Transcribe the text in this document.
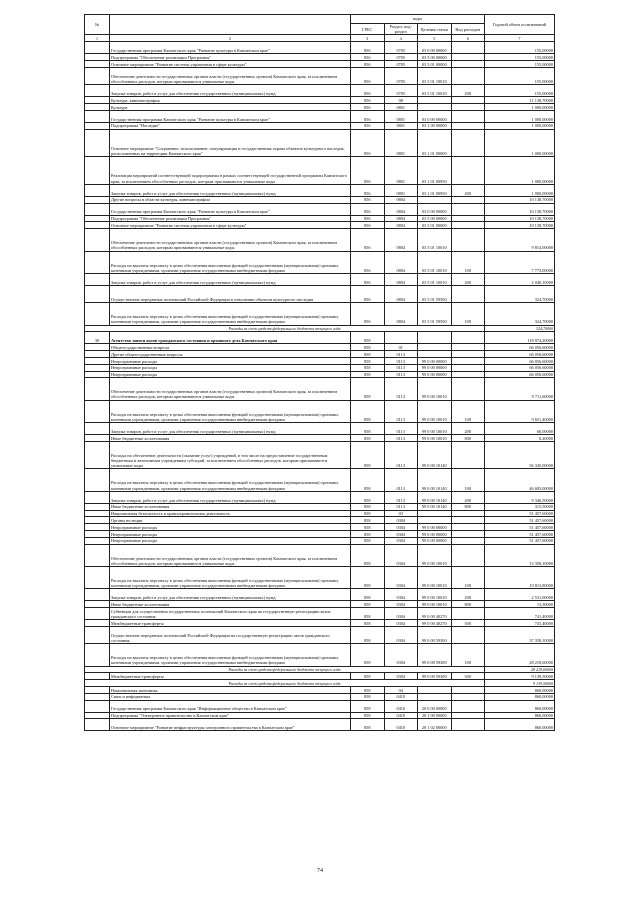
№		коды				Годовой объем ассигнований
		ГРБС	Раздел, под-раздел	Целевая статья	Вид расходов	
1	2	3	4	5	6	7
	Государственная программа Камчатского края "Развитие культуры в Камчатском крае"	856	0705	03 0 00 00000		155,00000
	Подпрограмма "Обеспечение реализации Программы"	856	0705	03 5 00 00000		155,00000
	Основное мероприятие "Развитие системы управления в сфере культуры"	856	0705	03 5 01 00000		155,00000
	Обеспечение деятельности государственных органов власти (государственных органов) Камчатского края, за исключением обособленных расходов, которым присваиваются уникальные коды	856	0705	03 5 01 10010		155,00000
	Закупка товаров, работ и услуг для обеспечения государственных (муниципальных) нужд	856	0705	03 5 01 10010	200	155,00000
	Культура, кинематография	856	08			11 138,70000
	Культура	856	0801			1 000,00000
	Государственная программа Камчатского края "Развитие культуры в Камчатском крае"	856	0801	03 0 00 00000		1 000,00000
	Подпрограмма "Наследие"	856	0801	03 1 00 00000		1 000,00000
	Основное мероприятие "Сохранение, использование, популяризация и государственная охрана объектов культурного наследия, расположенных на территории Камчатского края"	856	0801	03 1 01 00000		1 000,00000
	Реализация мероприятий соответствующей подпрограммы в рамках соответствующей государственной программы Камчатского края, за исключением обособленных расходов, которым присваиваются уникальные коды	856	0801	03 1 01 00950		1 000,00000
	Закупка товаров, работ и услуг для обеспечения государственных (муниципальных) нужд	856	0801	03 1 01 00950	200	1 000,00000
	Другие вопросы в области культуры, кинематографии	856	0804			10 138,70000
	Государственная программа Камчатского края "Развитие культуры в Камчатском крае"	856	0804	03 0 00 00000		10 138,70000
	Подпрограмма "Обеспечение реализации Программы"	856	0804	03 5 00 00000		10 138,70000
	Основное мероприятие "Развитие системы управления в сфере культуры"	856	0804	03 5 01 00000		10 138,70000
	Обеспечение деятельности государственных органов власти (государственных органов) Камчатского края, за исключением обособленных расходов, которым присваиваются уникальные коды	856	0804	03 5 01 10010		9 814,00000
	Расходы на выплаты персоналу в целях обеспечения выполнения функций государственными (муниципальными) органами, казенными учреждениями, органами управления государственными внебюджетными фондами	856	0804	03 5 01 10010	100	7 773,00000
	Закупка товаров, работ и услуг для обеспечения государственных (муниципальных) нужд	856	0804	03 5 01 10010	200	2 040,10000
	Осуществление переданных полномочий Российской Федерации в отношении объектов культурного наследия	856	0804	03 5 01 59500		324,70000
	Расходы на выплаты персоналу в целях обеспечения выполнения функций государственными (муниципальными) органами, казенными учреждениями, органами управления государственными внебюджетными фондами	856	0804	03 5 01 59500	100	324,70000
Расходы за счет средств федерального бюджета текущего года						324,70000
30	Агентство записи актов гражданского состояния и архивного дела Камчатского края	858				118 874,20000
	Общегосударственные вопросы	858	01			66 056,60000
	Другие общегосударственные вопросы	858	0113			66 056,60000
	Непрограммные расходы	858	0113	99 0 00 00000		66 056,60000
	Непрограммные расходы	858	0113	99 0 00 00000		66 056,60000
	Непрограммные расходы	858	0113	99 0 00 00000		66 056,60000
	Обеспечение деятельности государственных органов власти (государственных органов) Камчатского края, за исключением обособленных расходов, которым присваиваются уникальные коды	858	0113	99 0 00 10010		9 711,60000
	Расходы на выплаты персоналу в целях обеспечения выполнения функций государственными (муниципальными) органами, казенными учреждениями, органами управления государственными внебюджетными фондами	858	0113	99 0 00 10010	100	9 651,40000
	Закупка товаров, работ и услуг для обеспечения государственных (муниципальных) нужд	858	0113	99 0 00 10010	200	60,00000
	Иные бюджетные ассигнования	858	0113	99 0 00 10010	800	0,20000
	Расходы на обеспечение деятельности (оказание услуг) учреждений, в том числе на предоставление государственным бюджетным и автономным учреждениям субсидий, за исключением обособленных расходов, которым присваиваются уникальные коды	858	0113	99 0 00 10140		56 345,00000
	Расходы на выплаты персоналу в целях обеспечения выполнения функций государственными (муниципальными) органами, казенными учреждениями, органами управления государственными внебюджетными фондами	858	0113	99 0 00 10140	100	46 683,00000
	Закупка товаров, работ и услуг для обеспечения государственных (муниципальных) нужд	858	0113	99 0 00 10140	200	9 346,50000
	Иные бюджетные ассигнования	858	0113	99 0 00 10140	800	315,50000
	Национальная безопасность и правоохранительная деятельность	858	03			51 457,60000
	Органы юстиции	858	0304			51 457,60000
	Непрограммные расходы	858	0304	99 0 00 00000		51 457,60000
	Непрограммные расходы	858	0304	99 0 00 00000		51 457,60000
	Непрограммные расходы	858	0304	99 0 00 00000		51 457,60000
	Обеспечение деятельности государственных органов власти (государственных органов) Камчатского края, за исключением обособленных расходов, которым присваиваются уникальные коды	858	0304	99 0 00 10010		13 358,10000
	Расходы на выплаты персоналу в целях обеспечения выполнения функций государственными (муниципальными) органами, казенными учреждениями, органами управления государственными внебюджетными фондами	858	0304	99 0 00 10010	100	10 813,80000
	Закупка товаров, работ и услуг для обеспечения государственных (муниципальных) нужд	858	0304	99 0 00 10010	200	2 531,00000
	Иные бюджетные ассигнования	858	0304	99 0 00 10010	800	13,30000
	Субвенции для осуществления государственных полномочий Камчатского края на государственную регистрацию актов гражданского состояния	858	0304	99 0 00 40270		741,40000
	Межбюджетные трансферты	858	0304	99 0 00 40270	500	741,40000
	Осуществление переданных полномочий Российской Федерации на государственную регистрацию актов гражданского состояния	858	0304	99 0 00 59300		37 358,10000
	Расходы на выплаты персоналу в целях обеспечения выполнения функций государственными (муниципальными) органами, казенными учреждениями, органами управления государственными внебюджетными фондами	858	0304	99 0 00 59300	100	28 218,60000
Расходы за счет средств федерального бюджета текущего года						28 218,60000
	Межбюджетные трансферты	858	0304	99 0 00 59300	500	9 139,50000
Расходы за счет средств федерального бюджета текущего года						9 139,50000
	Национальная экономика	858	04			860,00000
	Связь и информатика	858	0410			860,00000
	Государственная программа Камчатского края "Информационное общество в Камчатском крае"	858	0410	20 0 00 00000		860,00000
	Подпрограмма "Электронное правительство в Камчатском крае"	858	0410	20 1 00 00000		860,00000
	Основное мероприятие "Развитие инфраструктуры электронного правительства в Камчатском крае"	858	0410	20 1 02 00000		860,00000
74
